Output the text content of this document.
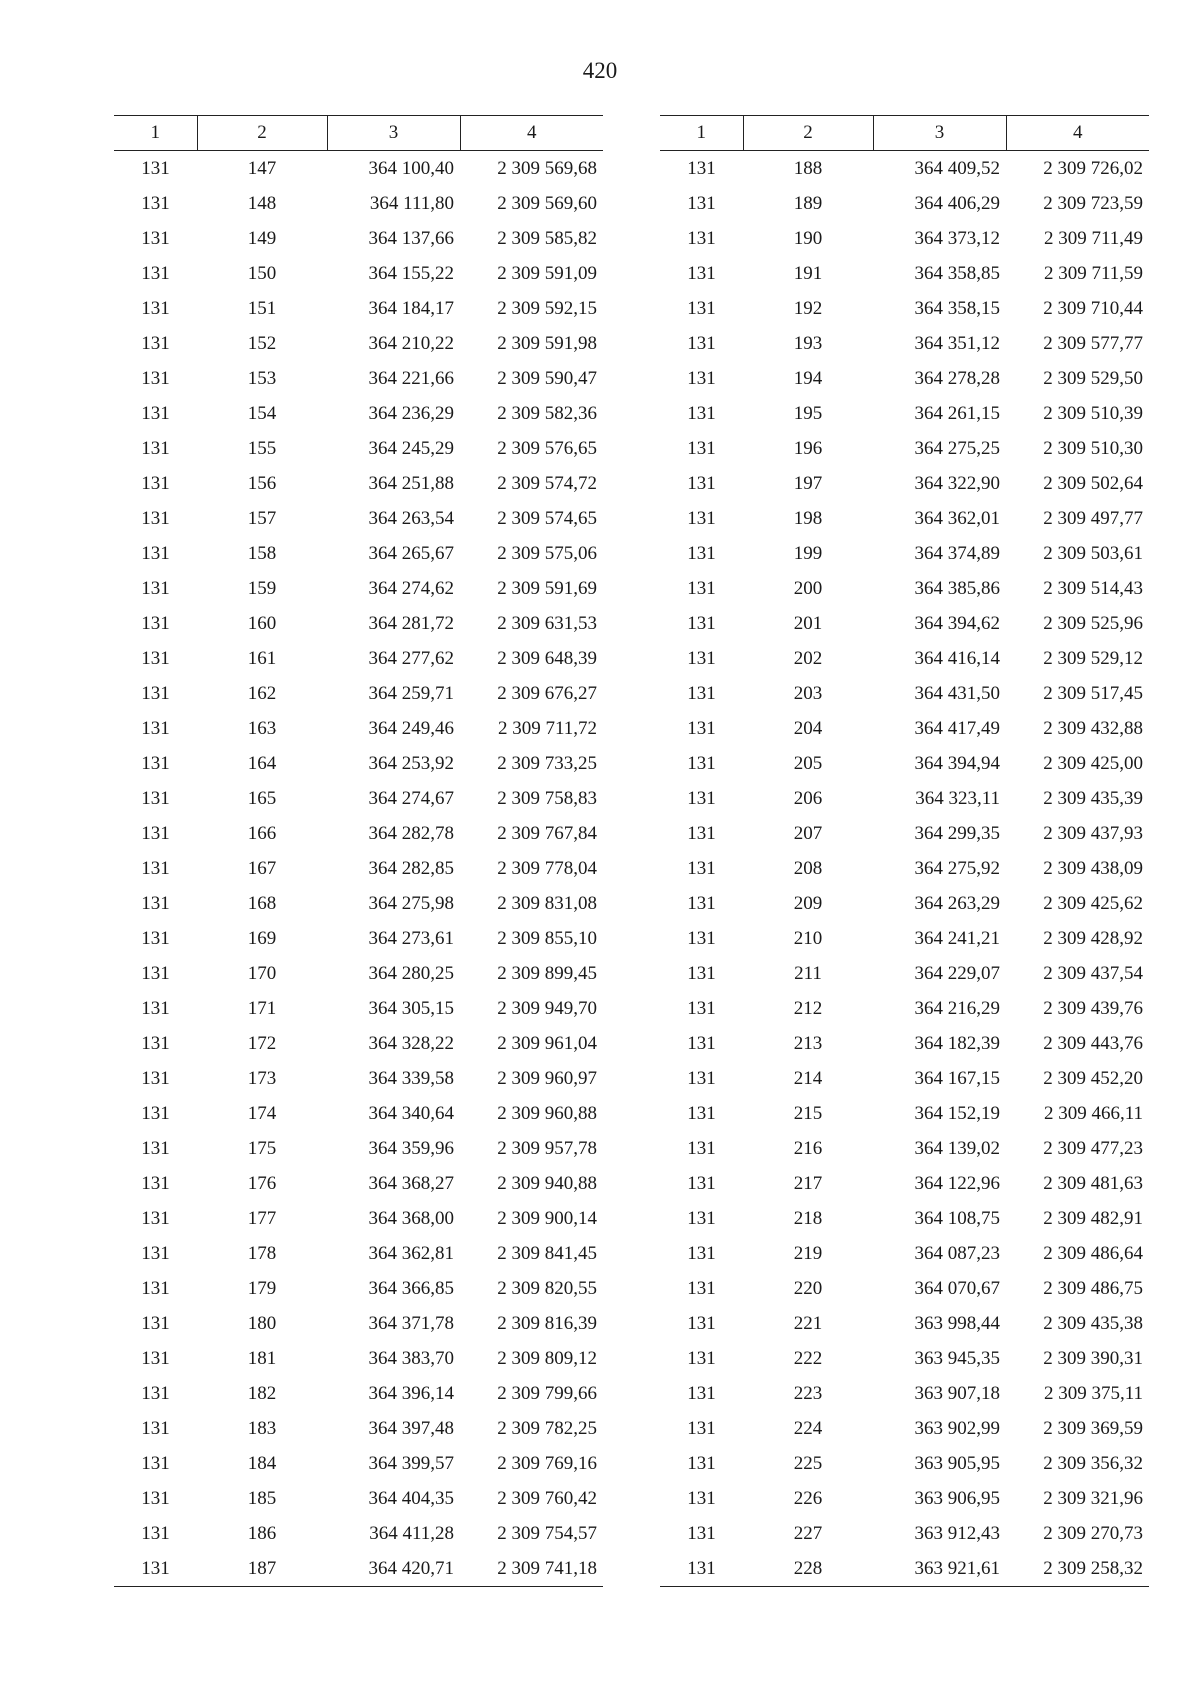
420
1	2	3	4
131	147	364 100,40	2 309 569,68
131	148	364 111,80	2 309 569,60
131	149	364 137,66	2 309 585,82
131	150	364 155,22	2 309 591,09
131	151	364 184,17	2 309 592,15
131	152	364 210,22	2 309 591,98
131	153	364 221,66	2 309 590,47
131	154	364 236,29	2 309 582,36
131	155	364 245,29	2 309 576,65
131	156	364 251,88	2 309 574,72
131	157	364 263,54	2 309 574,65
131	158	364 265,67	2 309 575,06
131	159	364 274,62	2 309 591,69
131	160	364 281,72	2 309 631,53
131	161	364 277,62	2 309 648,39
131	162	364 259,71	2 309 676,27
131	163	364 249,46	2 309 711,72
131	164	364 253,92	2 309 733,25
131	165	364 274,67	2 309 758,83
131	166	364 282,78	2 309 767,84
131	167	364 282,85	2 309 778,04
131	168	364 275,98	2 309 831,08
131	169	364 273,61	2 309 855,10
131	170	364 280,25	2 309 899,45
131	171	364 305,15	2 309 949,70
131	172	364 328,22	2 309 961,04
131	173	364 339,58	2 309 960,97
131	174	364 340,64	2 309 960,88
131	175	364 359,96	2 309 957,78
131	176	364 368,27	2 309 940,88
131	177	364 368,00	2 309 900,14
131	178	364 362,81	2 309 841,45
131	179	364 366,85	2 309 820,55
131	180	364 371,78	2 309 816,39
131	181	364 383,70	2 309 809,12
131	182	364 396,14	2 309 799,66
131	183	364 397,48	2 309 782,25
131	184	364 399,57	2 309 769,16
131	185	364 404,35	2 309 760,42
131	186	364 411,28	2 309 754,57
131	187	364 420,71	2 309 741,18
1	2	3	4
131	188	364 409,52	2 309 726,02
131	189	364 406,29	2 309 723,59
131	190	364 373,12	2 309 711,49
131	191	364 358,85	2 309 711,59
131	192	364 358,15	2 309 710,44
131	193	364 351,12	2 309 577,77
131	194	364 278,28	2 309 529,50
131	195	364 261,15	2 309 510,39
131	196	364 275,25	2 309 510,30
131	197	364 322,90	2 309 502,64
131	198	364 362,01	2 309 497,77
131	199	364 374,89	2 309 503,61
131	200	364 385,86	2 309 514,43
131	201	364 394,62	2 309 525,96
131	202	364 416,14	2 309 529,12
131	203	364 431,50	2 309 517,45
131	204	364 417,49	2 309 432,88
131	205	364 394,94	2 309 425,00
131	206	364 323,11	2 309 435,39
131	207	364 299,35	2 309 437,93
131	208	364 275,92	2 309 438,09
131	209	364 263,29	2 309 425,62
131	210	364 241,21	2 309 428,92
131	211	364 229,07	2 309 437,54
131	212	364 216,29	2 309 439,76
131	213	364 182,39	2 309 443,76
131	214	364 167,15	2 309 452,20
131	215	364 152,19	2 309 466,11
131	216	364 139,02	2 309 477,23
131	217	364 122,96	2 309 481,63
131	218	364 108,75	2 309 482,91
131	219	364 087,23	2 309 486,64
131	220	364 070,67	2 309 486,75
131	221	363 998,44	2 309 435,38
131	222	363 945,35	2 309 390,31
131	223	363 907,18	2 309 375,11
131	224	363 902,99	2 309 369,59
131	225	363 905,95	2 309 356,32
131	226	363 906,95	2 309 321,96
131	227	363 912,43	2 309 270,73
131	228	363 921,61	2 309 258,32
